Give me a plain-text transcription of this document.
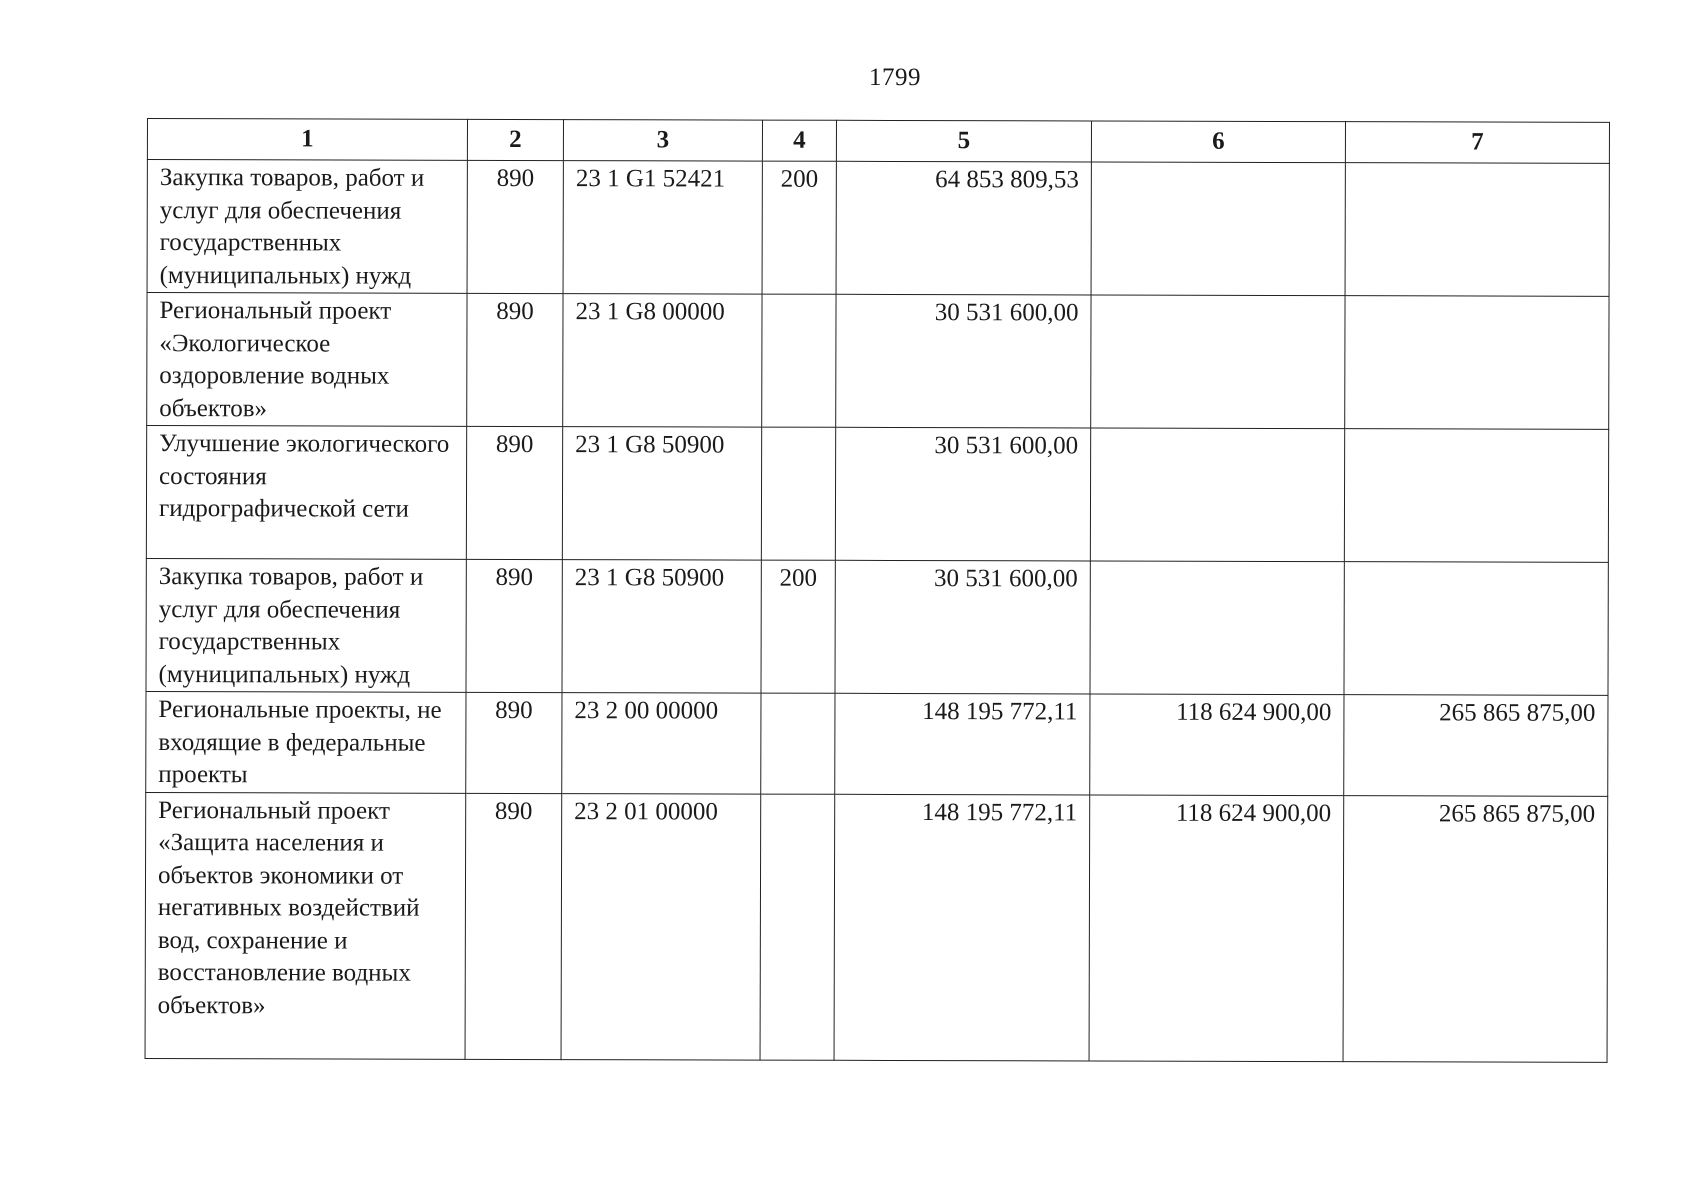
1799
1	2	3	4	5	6	7
Закупка товаров, работ и услуг для обеспечения государственных (муниципальных) нужд	890	23 1 G1 52421	200	64 853 809,53		
Региональный проект «Экологическое оздоровление водных объектов»	890	23 1 G8 00000		30 531 600,00		
Улучшение экологического состояния гидрографической сети	890	23 1 G8 50900		30 531 600,00		
Закупка товаров, работ и услуг для обеспечения государственных (муниципальных) нужд	890	23 1 G8 50900	200	30 531 600,00		
Региональные проекты, не входящие в федеральные проекты	890	23 2 00 00000		148 195 772,11	118 624 900,00	265 865 875,00
Региональный проект «Защита населения и объектов экономики от негативных воздействий вод, сохранение и восстановление водных объектов»	890	23 2 01 00000		148 195 772,11	118 624 900,00	265 865 875,00
